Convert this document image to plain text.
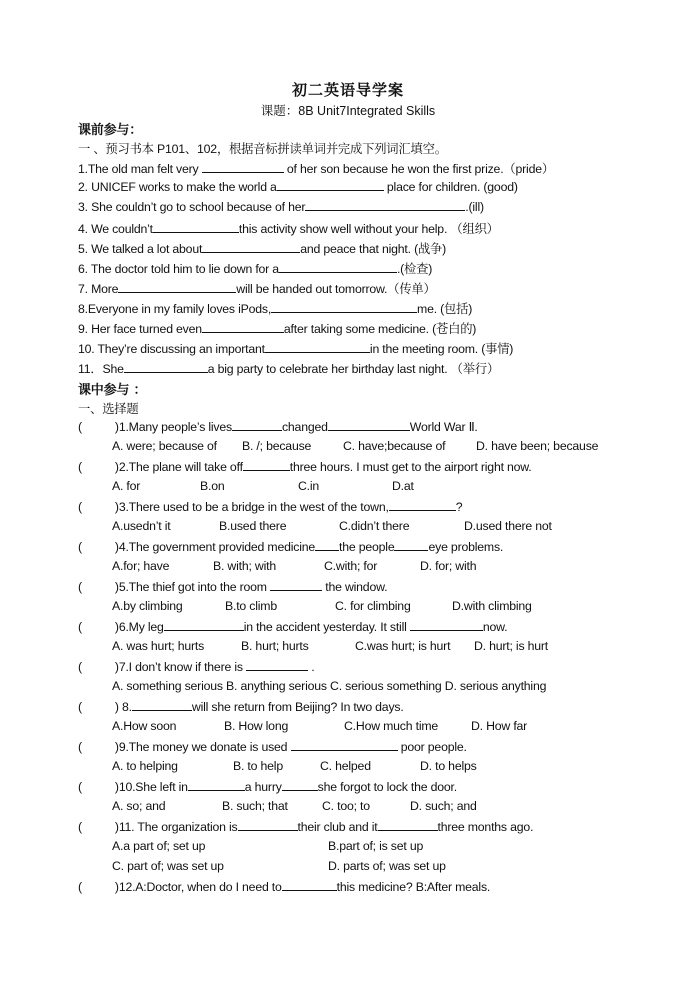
初二英语导学案
课题：8B Unit7Integrated Skills
课前参与：
一 、预习书本 P101、102，根据音标拼读单词并完成下列词汇填空。
1.The old man felt very	of her son because he won the first prize.（pride）
2. UNICEF works to make the world a	place for children. (good)
3. She couldn’t go to school because of her	.(ill)
4. We couldn’t	this activity show well without your help. （组织）
5. We talked a lot about	and peace that night. (战争)
6. The doctor told him to lie down for a	.(检查)
7. More	will be handed out tomorrow.（传单）
8.Everyone in my family loves iPods,	me. (包括)
9. Her face turned even	after taking some medicine. (苍白的)
10. They’re discussing an important	in the meeting room. (事情)
11．She	a big party to celebrate her birthday last night. （举行）
课中参与 ：
一、选择题
(	)1.Many people’s lives	changed	World War Ⅱ.
A. were; because of B. /; because	C. have;because of D. have been; because
(	)2.The plane will take off	three hours. I must get to the airport right now.
A. for	B.on	C.in	D.at
(	)3.There used to be a bridge in the west of the town,	?
A.usedn’t it	B.used there	C.didn’t there	D.used there not
(	)4.The government provided medicine the people	eye problems.
A.for; have	B. with; with	C.with; for	D. for; with
(	)5.The thief got into the room	the window.
A.by climbing	B.to climb	C. for climbing	D.with climbing
(	)6.My leg	in the accident yesterday. It still	now.
A. was hurt; hurts	B. hurt; hurts	C.was hurt; is hurt D. hurt; is hurt
(	)7.I don’t know if there is	.
A. something serious B. anything serious C. serious something D. serious anything
(	) 8.	will she return from Beijing? In two days.
A.How soon	B. How long	C.How much time	D. How far
(	)9.The money we donate is used	poor people.
A. to helping	B. to help	C. helped	D. to helps
(	)10.She left in	a hurry	she forgot to lock the door.
A. so; and	B. such; that	C. too; to	D. such; and
(	)11. The organization is	their club and it	three months ago.
A.a part of; set up	B.part of; is set up
C. part of; was set up	D. parts of; was set up
(	)12.A:Doctor, when do I need to	this medicine? B:After meals.
